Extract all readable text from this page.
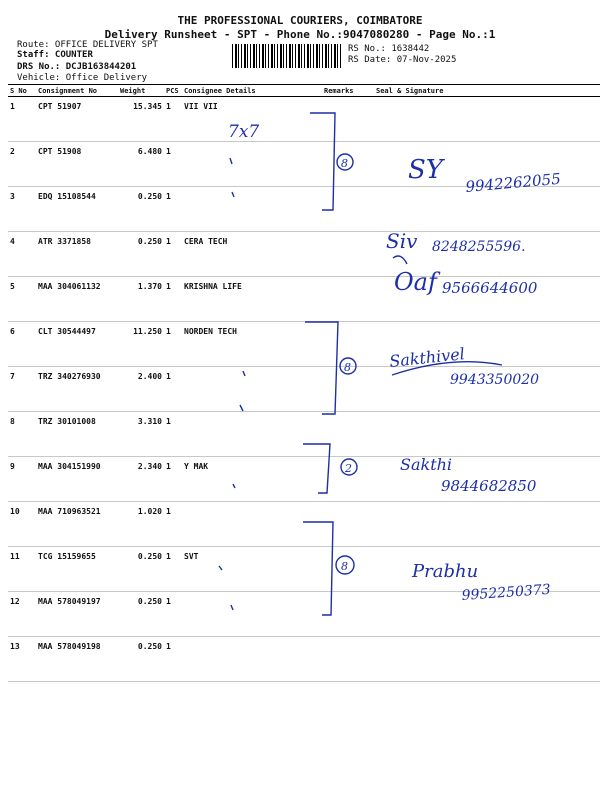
THE PROFESSIONAL COURIERS, COIMBATORE
Delivery Runsheet - SPT - Phone No.:9047080280 - Page No.:1
Route: OFFICE DELIVERY SPT
Staff: COUNTER
DRS No.: DCJB163844201
Vehicle: Office Delivery
RS No.: 1638442
RS Date: 07-Nov-2025
S No	Consignment No	Weight	PCS	Consignee Details	Remarks	Seal & Signature
1	CPT 51907	15.345	1	VII VII		
2	CPT 51908	6.480	1			
3	EDQ 15108544	0.250	1			
4	ATR 3371858	0.250	1	CERA TECH		
5	MAA 304061132	1.370	1	KRISHNA LIFE		
6	CLT 30544497	11.250	1	NORDEN TECH		
7	TRZ 340276930	2.400	1			
8	TRZ 30101008	3.310	1			
9	MAA 304151990	2.340	1	Y MAK		
10	MAA 710963521	1.020	1			
11	TCG 15159655	0.250	1	SVT		
12	MAA 578049197	0.250	1			
13	MAA 578049198	0.250	1			
7x7
8
8
2
8
SY 9942262055
Siv 8248255596.
Oaf 9566644600
Sakthivel
9943350020
Sakthi
9844682850
Prabhu
9952250373
